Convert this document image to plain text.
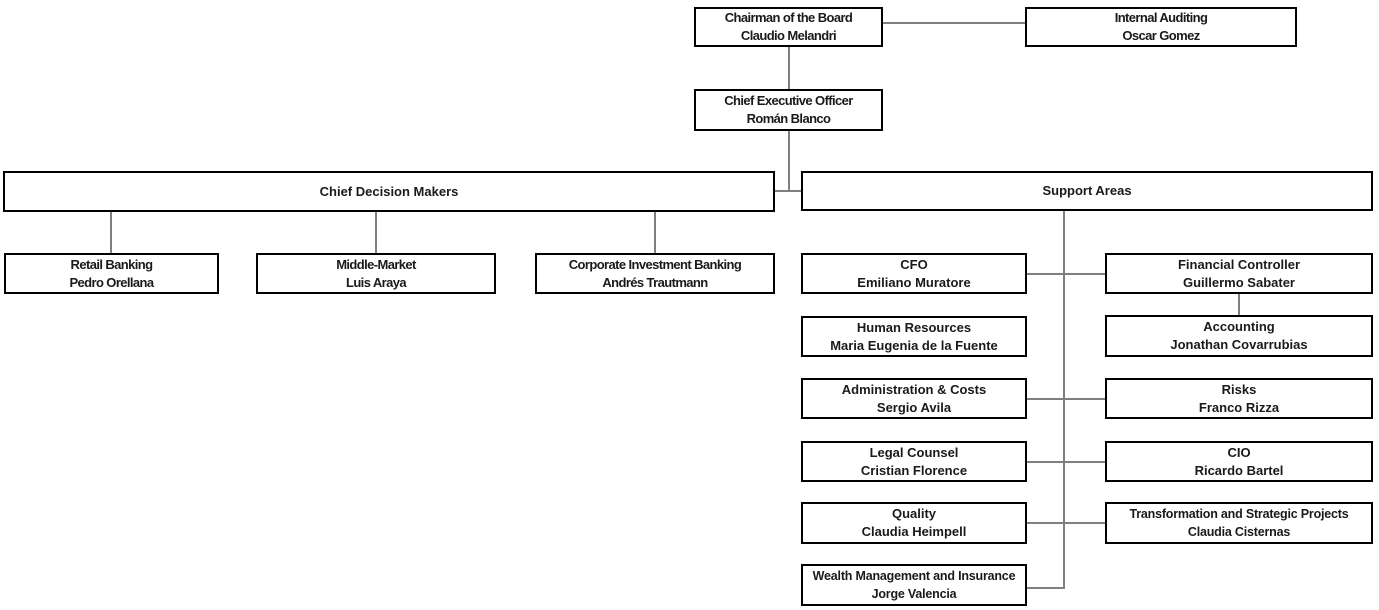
Chairman of the Board
Claudio Melandri
Internal Auditing
Oscar Gomez
Chief Executive Officer
Román Blanco
Chief Decision Makers	Support Areas
Retail Banking
Pedro Orellana
Middle-Market
Luis Araya
Corporate Investment Banking
Andrés Trautmann
CFO
Emiliano Muratore
Human Resources
Maria Eugenia de la Fuente
Administration & Costs
Sergio Avila
Legal Counsel
Cristian Florence
Quality
Claudia Heimpell
Wealth Management and Insurance
Jorge Valencia
Financial Controller
Guillermo Sabater
Accounting
Jonathan Covarrubias
Risks
Franco Rizza
CIO
Ricardo Bartel
Transformation and Strategic Projects
Claudia Cisternas
